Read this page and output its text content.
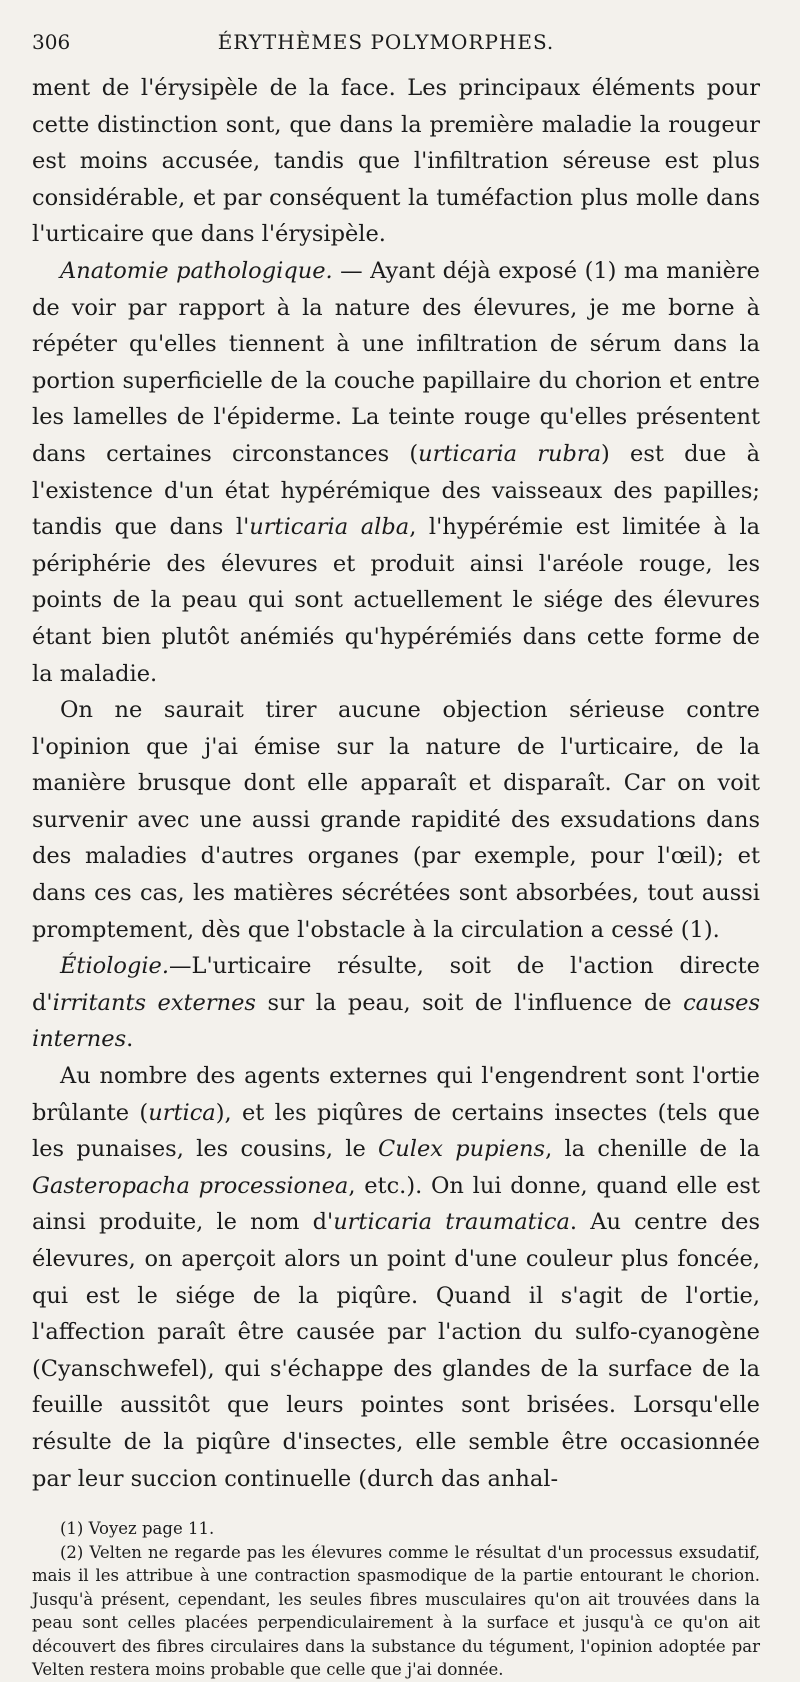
306	ÉRYTHÈMES POLYMORPHES.

ment de l'érysipèle de la face. Les principaux éléments pour cette distinction sont, que dans la première maladie la rougeur est moins accusée, tandis que l'infiltration séreuse est plus considérable, et par conséquent la tuméfaction plus molle dans l'urticaire que dans l'érysipèle.

Anatomie pathologique. — Ayant déjà exposé (1) ma manière de voir par rapport à la nature des élevures, je me borne à répéter qu'elles tiennent à une infiltration de sérum dans la portion superficielle de la couche papillaire du chorion et entre les lamelles de l'épiderme. La teinte rouge qu'elles présentent dans certaines circonstances (urticaria rubra) est due à l'existence d'un état hypérémique des vaisseaux des papilles; tandis que dans l'urticaria alba, l'hypérémie est limitée à la périphérie des élevures et produit ainsi l'aréole rouge, les points de la peau qui sont actuellement le siége des élevures étant bien plutôt anémiés qu'hypérémiés dans cette forme de la maladie.

On ne saurait tirer aucune objection sérieuse contre l'opinion que j'ai émise sur la nature de l'urticaire, de la manière brusque dont elle apparaît et disparaît. Car on voit survenir avec une aussi grande rapidité des exsudations dans des maladies d'autres organes (par exemple, pour l'œil); et dans ces cas, les matières sécrétées sont absorbées, tout aussi promptement, dès que l'obstacle à la circulation a cessé (1).

Étiologie.—L'urticaire résulte, soit de l'action directe d'irritants externes sur la peau, soit de l'influence de causes internes.

Au nombre des agents externes qui l'engendrent sont l'ortie brûlante (urtica), et les piqûres de certains insectes (tels que les punaises, les cousins, le Culex pupiens, la chenille de la Gasteropacha processionea, etc.). On lui donne, quand elle est ainsi produite, le nom d'urticaria traumatica. Au centre des élevures, on aperçoit alors un point d'une couleur plus foncée, qui est le siége de la piqûre. Quand il s'agit de l'ortie, l'affection paraît être causée par l'action du sulfo-cyanogène (Cyanschwefel), qui s'échappe des glandes de la surface de la feuille aussitôt que leurs pointes sont brisées. Lorsqu'elle résulte de la piqûre d'insectes, elle semble être occasionnée par leur succion continuelle (durch das anhal-

(1) Voyez page 11.

(2) Velten ne regarde pas les élevures comme le résultat d'un processus exsudatif, mais il les attribue à une contraction spasmodique de la partie entourant le chorion. Jusqu'à présent, cependant, les seules fibres musculaires qu'on ait trouvées dans la peau sont celles placées perpendiculairement à la surface et jusqu'à ce qu'on ait découvert des fibres circulaires dans la substance du tégument, l'opinion adoptée par Velten restera moins probable que celle que j'ai donnée.
